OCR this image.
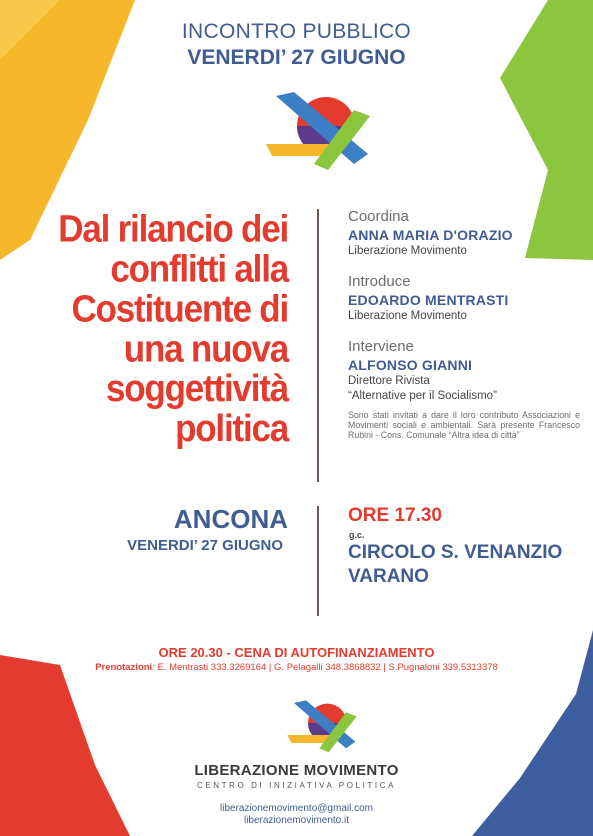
INCONTRO PUBBLICO
VENERDI’ 27 GIUGNO
Dal rilancio dei conflitti alla Costituente di una nuova soggettività politica
Coordina
ANNA MARIA D'ORAZIO
Liberazione Movimento
Introduce
EDOARDO MENTRASTI
Liberazione Movimento
Interviene
ALFONSO GIANNI
Direttore Rivista
“Alternative per il Socialismo”
Sono stati invitati a dare il loro contributo Associazioni e Movimenti sociali e ambientali. Sarà presente Francesco Rubini - Cons. Comunale “Altra idea di città”
ANCONA
VENERDI’ 27 GIUGNO
ORE 17.30
g.c.
CIRCOLO S. VENANZIO
VARANO
ORE 20.30 - CENA DI AUTOFINANZIAMENTO
Prenotazioni: E. Mentrasti 333.3269164 | G. Pelagalli 348.3868832 | S.Pugnaloni 339.5313378
LIBERAZIONE MOVIMENTO
CENTRO DI INIZIATIVA POLITICA
liberazionemovimento@gmail.com
liberazionemovimento.it
